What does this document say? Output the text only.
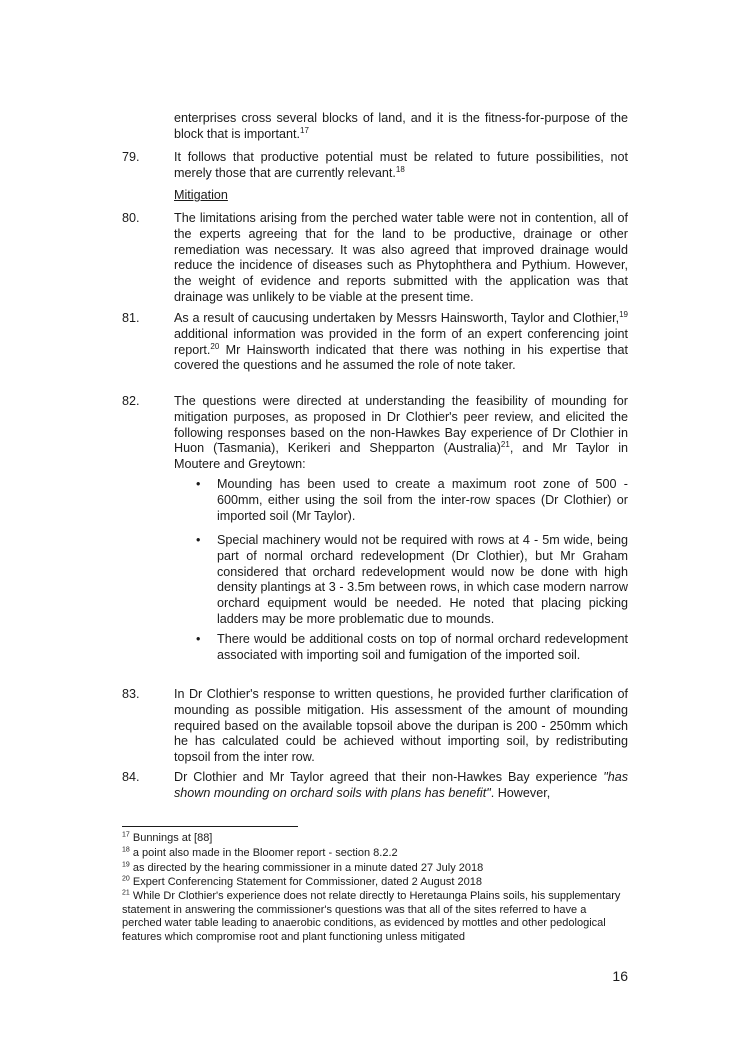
enterprises cross several blocks of land, and it is the fitness-for-purpose of the block that is important.$^{17}$
79.	It follows that productive potential must be related to future possibilities, not merely those that are currently relevant.$^{18}$
Mitigation
80.	The limitations arising from the perched water table were not in contention, all of the experts agreeing that for the land to be productive, drainage or other remediation was necessary. It was also agreed that improved drainage would reduce the incidence of diseases such as Phytophthera and Pythium. However, the weight of evidence and reports submitted with the application was that drainage was unlikely to be viable at the present time.
81.	As a result of caucusing undertaken by Messrs Hainsworth, Taylor and Clothier,$^{19}$ additional information was provided in the form of an expert conferencing joint report.$^{20}$ Mr Hainsworth indicated that there was nothing in his expertise that covered the questions and he assumed the role of note taker.
82.	The questions were directed at understanding the feasibility of mounding for mitigation purposes, as proposed in Dr Clothier's peer review, and elicited the following responses based on the non-Hawkes Bay experience of Dr Clothier in Huon (Tasmania), Kerikeri and Shepparton (Australia)$^{21}$, and Mr Taylor in Moutere and Greytown:
• Mounding has been used to create a maximum root zone of 500 - 600mm, either using the soil from the inter-row spaces (Dr Clothier) or imported soil (Mr Taylor).
• Special machinery would not be required with rows at 4 - 5m wide, being part of normal orchard redevelopment (Dr Clothier), but Mr Graham considered that orchard redevelopment would now be done with high density plantings at 3 - 3.5m between rows, in which case modern narrow orchard equipment would be needed. He noted that placing picking ladders may be more problematic due to mounds.
• There would be additional costs on top of normal orchard redevelopment associated with importing soil and fumigation of the imported soil.
83.	In Dr Clothier's response to written questions, he provided further clarification of mounding as possible mitigation. His assessment of the amount of mounding required based on the available topsoil above the duripan is 200 - 250mm which he has calculated could be achieved without importing soil, by redistributing topsoil from the inter row.
84.	Dr Clothier and Mr Taylor agreed that their non-Hawkes Bay experience "has shown mounding on orchard soils with plans has benefit". However,
$^{17}$ Bunnings at [88]
$^{18}$ a point also made in the Bloomer report - section 8.2.2
$^{19}$ as directed by the hearing commissioner in a minute dated 27 July 2018
$^{20}$ Expert Conferencing Statement for Commissioner, dated 2 August 2018
$^{21}$ While Dr Clothier's experience does not relate directly to Heretaunga Plains soils, his supplementary statement in answering the commissioner's questions was that all of the sites referred to have a perched water table leading to anaerobic conditions, as evidenced by mottles and other pedological features which compromise root and plant functioning unless mitigated
16
